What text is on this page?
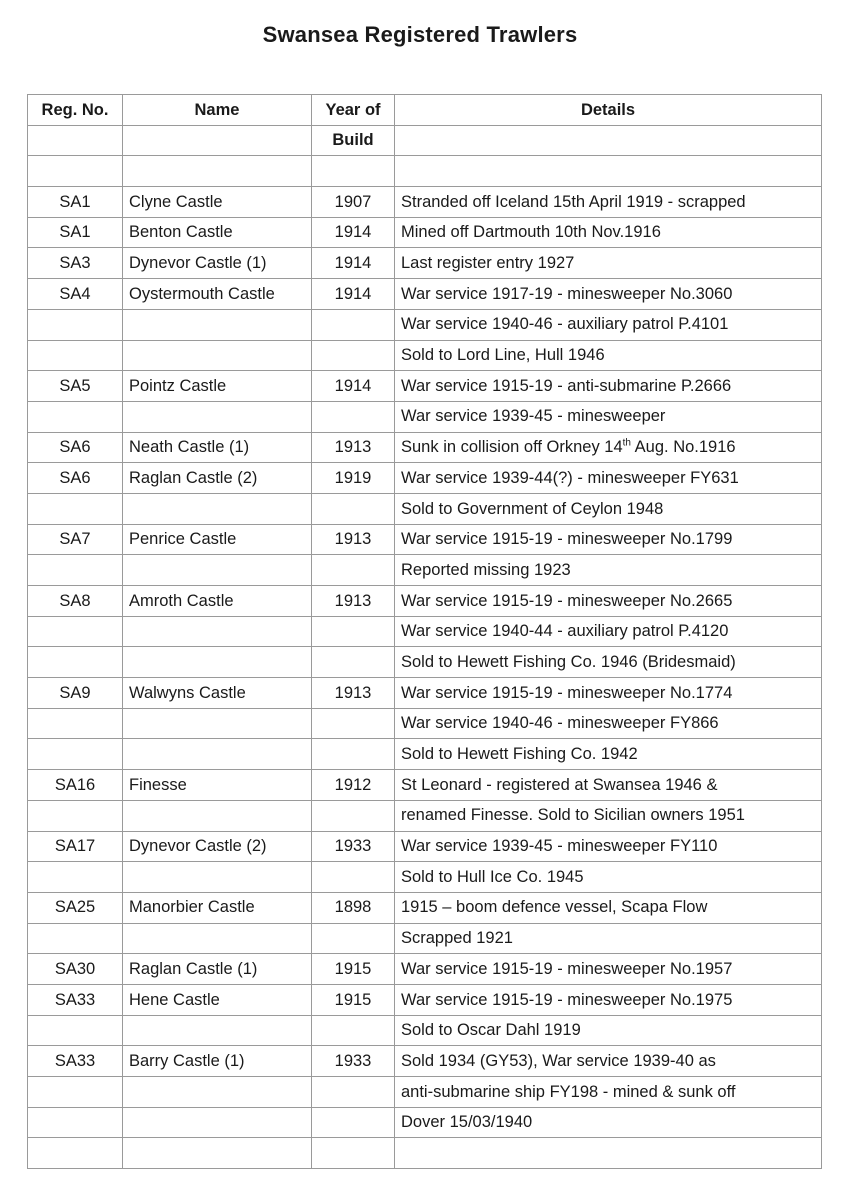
Swansea Registered Trawlers
Reg. No.	Name	Year of	Details
		Build	

SA1	Clyne Castle	1907	Stranded off Iceland 15th April 1919 - scrapped
SA1	Benton Castle	1914	Mined off Dartmouth 10th Nov.1916
SA3	Dynevor Castle (1)	1914	Last register entry 1927
SA4	Oystermouth Castle	1914	War service 1917-19 - minesweeper No.3060
			War service 1940-46 - auxiliary patrol P.4101
			Sold to Lord Line, Hull 1946
SA5	Pointz Castle	1914	War service 1915-19 - anti-submarine P.2666
			War service 1939-45 - minesweeper
SA6	Neath Castle (1)	1913	Sunk in collision off Orkney 14th Aug. No.1916
SA6	Raglan Castle (2)	1919	War service 1939-44(?) - minesweeper FY631
			Sold to Government of Ceylon 1948
SA7	Penrice Castle	1913	War service 1915-19 - minesweeper No.1799
			Reported missing 1923
SA8	Amroth Castle	1913	War service 1915-19 - minesweeper No.2665
			War service 1940-44 - auxiliary patrol P.4120
			Sold to Hewett Fishing Co. 1946 (Bridesmaid)
SA9	Walwyns Castle	1913	War service 1915-19 - minesweeper No.1774
			War service 1940-46 - minesweeper FY866
			Sold to Hewett Fishing Co. 1942
SA16	Finesse	1912	St Leonard - registered at Swansea 1946 &
			renamed Finesse. Sold to Sicilian owners 1951
SA17	Dynevor Castle (2)	1933	War service 1939-45 - minesweeper FY110
			Sold to Hull Ice Co. 1945
SA25	Manorbier Castle	1898	1915 – boom defence vessel, Scapa Flow
			Scrapped 1921
SA30	Raglan Castle (1)	1915	War service 1915-19 - minesweeper No.1957
SA33	Hene Castle	1915	War service 1915-19 - minesweeper No.1975
			Sold to Oscar Dahl 1919
SA33	Barry Castle (1)	1933	Sold 1934 (GY53), War service 1939-40 as
			anti-submarine ship FY198 - mined & sunk off
			Dover 15/03/1940
